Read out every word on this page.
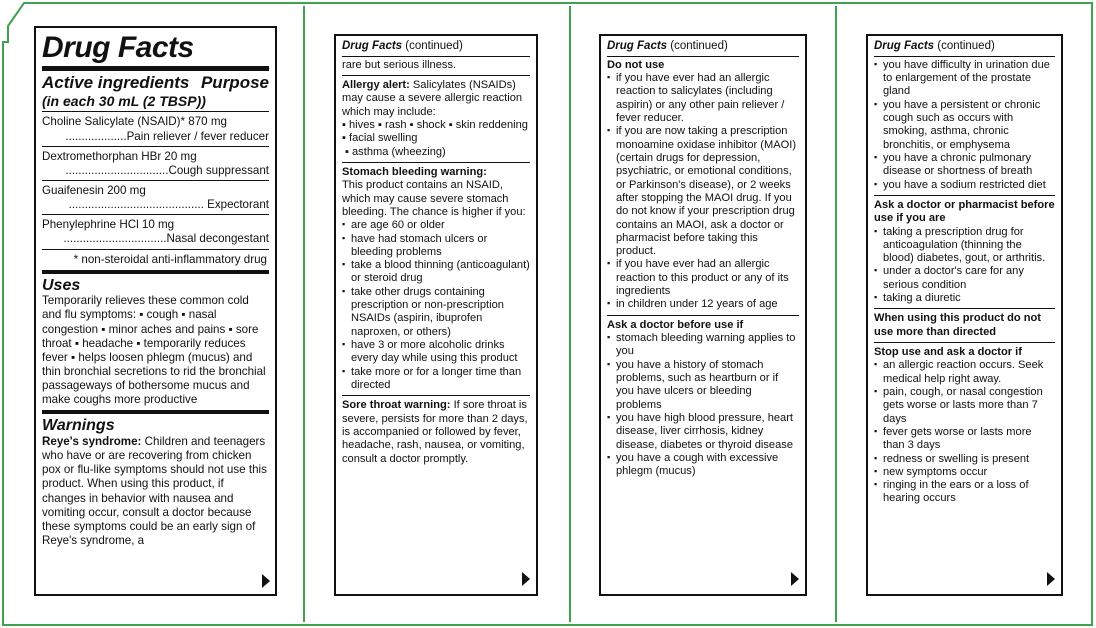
Drug Facts
Active ingredients Purpose
(in each 30 mL (2 TBSP))
Choline Salicylate (NSAID)* 870 mg
...................Pain reliever / fever reducer
Dextromethorphan HBr 20 mg
................................Cough suppressant
Guaifenesin 200 mg
.......................................... Expectorant
Phenylephrine HCl 10 mg
................................Nasal decongestant
* non-steroidal anti-inflammatory drug
Uses

Temporarily relieves these common cold and flu symptoms: ▪ cough ▪ nasal congestion ▪ minor aches and pains ▪ sore throat ▪ headache ▪ temporarily reduces fever ▪ helps loosen phlegm (mucus) and thin bronchial secretions to rid the bronchial passageways of bothersome mucus and make coughs more productive

Warnings

Reye's syndrome: Children and teenagers who have or are recovering from chicken pox or flu-like symptoms should not use this product. When using this product, if changes in behavior with nausea and vomiting occur, consult a doctor because these symptoms could be an early sign of Reye's syndrome, a

Drug Facts (continued)

rare but serious illness.

Allergy alert: Salicylates (NSAIDs) may cause a severe allergic reaction which may include:

▪ hives ▪ rash ▪ shock ▪ skin reddening ▪ facial swelling

▪ asthma (wheezing)

Stomach bleeding warning:

This product contains an NSAID, which may cause severe stomach bleeding. The chance is higher if you:

▪ are age 60 or older
▪ have had stomach ulcers or bleeding problems
▪ take a blood thinning (anticoagulant) or steroid drug
▪ take other drugs containing prescription or non-prescription NSAIDs (aspirin, ibuprofen naproxen, or others)
▪ have 3 or more alcoholic drinks every day while using this product
▪ take more or for a longer time than directed

Sore throat warning: If sore throat is severe, persists for more than 2 days, is accompanied or followed by fever, headache, rash, nausea, or vomiting, consult a doctor promptly.

Drug Facts (continued)

Do not use

▪ if you have ever had an allergic reaction to salicylates (including aspirin) or any other pain reliever / fever reducer.
▪ if you are now taking a prescription monoamine oxidase inhibitor (MAOI) (certain drugs for depression, psychiatric, or emotional conditions, or Parkinson's disease), or 2 weeks after stopping the MAOI drug. If you do not know if your prescription drug contains an MAOI, ask a doctor or pharmacist before taking this product.
▪ if you have ever had an allergic reaction to this product or any of its ingredients
▪ in children under 12 years of age

Ask a doctor before use if

▪ stomach bleeding warning applies to you
▪ you have a history of stomach problems, such as heartburn or if you have ulcers or bleeding problems
▪ you have high blood pressure, heart disease, liver cirrhosis, kidney disease, diabetes or thyroid disease
▪ you have a cough with excessive phlegm (mucus)
Drug Facts (continued)
▪ you have difficulty in urination due to enlargement of the prostate gland
▪ you have a persistent or chronic cough such as occurs with smoking, asthma, chronic bronchitis, or emphysema
▪ you have a chronic pulmonary disease or shortness of breath
▪ you have a sodium restricted diet

Ask a doctor or pharmacist before use if you are

▪ taking a prescription drug for anticoagulation (thinning the blood) diabetes, gout, or arthritis.
▪ under a doctor's care for any serious condition
▪ taking a diuretic

When using this product do not use more than directed

Stop use and ask a doctor if

▪ an allergic reaction occurs. Seek medical help right away.
▪ pain, cough, or nasal congestion gets worse or lasts more than 7 days
▪ fever gets worse or lasts more than 3 days
▪ redness or swelling is present
▪ new symptoms occur
▪ ringing in the ears or a loss of hearing occurs
